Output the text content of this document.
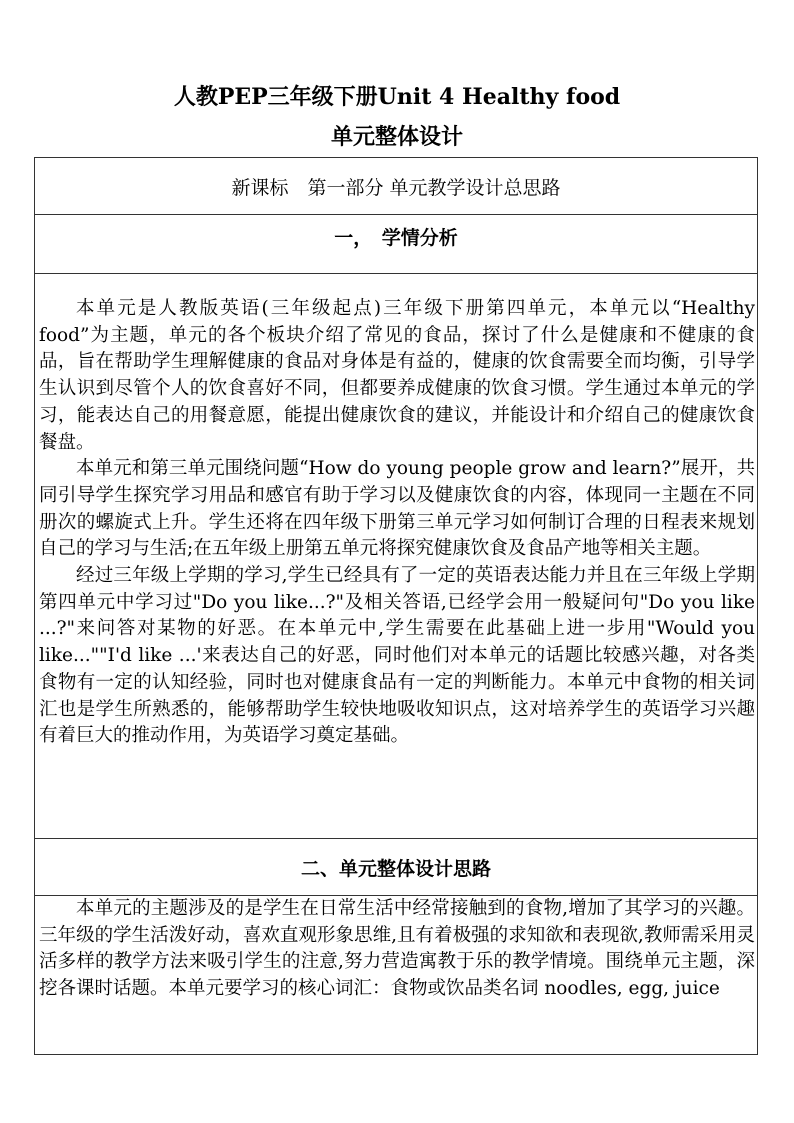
人教PEP三年级下册Unit 4 Healthy food
单元整体设计
新课标　第一部分 单元教学设计总思路
一，　学情分析

本单元是人教版英语(三年级起点)三年级下册第四单元，本单元以“Healthy food”为主题，单元的各个板块介绍了常见的食品，探讨了什么是健康和不健康的食品，旨在帮助学生理解健康的食品对身体是有益的，健康的饮食需要全而均衡，引导学生认识到尽管个人的饮食喜好不同，但都要养成健康的饮食习惯。学生通过本单元的学习，能表达自己的用餐意愿，能提出健康饮食的建议，并能设计和介绍自己的健康饮食餐盘。

本单元和第三单元围绕问题“How do young people grow and learn?”展开，共同引导学生探究学习用品和感官有助于学习以及健康饮食的内容，体现同一主题在不同册次的螺旋式上升。学生还将在四年级下册第三单元学习如何制订合理的日程表来规划自己的学习与生活;在五年级上册第五单元将探究健康饮食及食品产地等相关主题。

经过三年级上学期的学习,学生已经具有了一定的英语表达能力并且在三年级上学期第四单元中学习过"Do you like...?"及相关答语,已经学会用一般疑问句"Do you like ...?"来问答对某物的好恶。在本单元中,学生需要在此基础上进一步用"Would you like...""I'd like ...'来表达自己的好恶，同时他们对本单元的话题比较感兴趣，对各类食物有一定的认知经验，同时也对健康食品有一定的判断能力。本单元中食物的相关词汇也是学生所熟悉的，能够帮助学生较快地吸收知识点，这对培养学生的英语学习兴趣有着巨大的推动作用，为英语学习奠定基础。

二、单元整体设计思路

本单元的主题涉及的是学生在日常生活中经常接触到的食物,增加了其学习的兴趣。三年级的学生活泼好动，喜欢直观形象思维,且有着极强的求知欲和表现欲,教师需采用灵活多样的教学方法来吸引学生的注意,努力营造寓教于乐的教学情境。围绕单元主题，深挖各课时话题。本单元要学习的核心词汇：食物或饮品类名词 noodles, egg, juice
